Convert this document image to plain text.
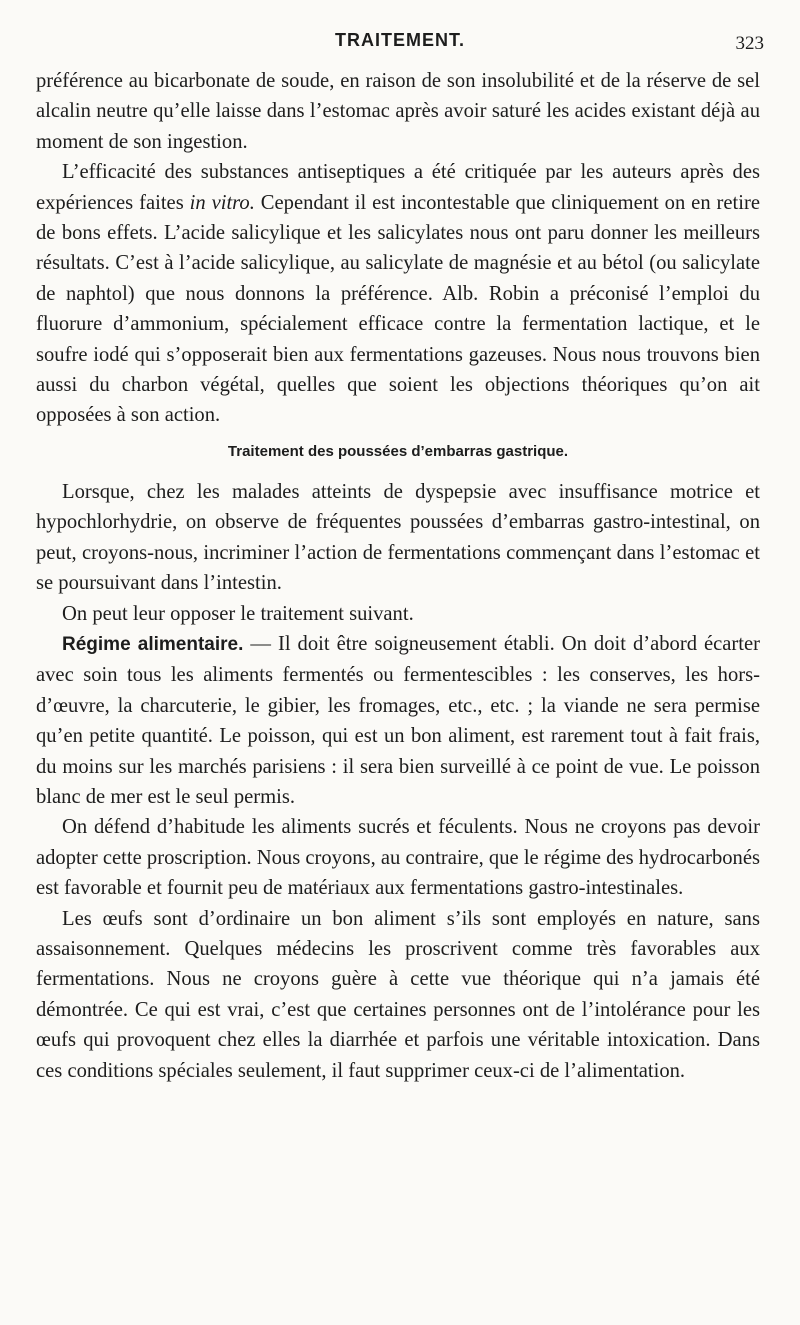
TRAITEMENT.	323

préférence au bicarbonate de soude, en raison de son insolubilité et de la réserve de sel alcalin neutre qu’elle laisse dans l’estomac après avoir saturé les acides existant déjà au moment de son ingestion.

L’efficacité des substances antiseptiques a été critiquée par les auteurs après des expériences faites in vitro. Cependant il est incontestable que cliniquement on en retire de bons effets. L’acide salicylique et les salicylates nous ont paru donner les meilleurs résultats. C’est à l’acide salicylique, au salicylate de magnésie et au bétol (ou salicylate de naphtol) que nous donnons la préférence. Alb. Robin a préconisé l’emploi du fluorure d’ammonium, spécialement efficace contre la fermentation lactique, et le soufre iodé qui s’opposerait bien aux fermentations gazeuses. Nous nous trouvons bien aussi du charbon végétal, quelles que soient les objections théoriques qu’on ait opposées à son action.

Traitement des poussées d’embarras gastrique.

Lorsque, chez les malades atteints de dyspepsie avec insuffisance motrice et hypochlorhydrie, on observe de fréquentes poussées d’embarras gastro-intestinal, on peut, croyons-nous, incriminer l’action de fermentations commençant dans l’estomac et se poursuivant dans l’intestin.

On peut leur opposer le traitement suivant.

Régime alimentaire. — Il doit être soigneusement établi. On doit d’abord écarter avec soin tous les aliments fermentés ou fermentescibles : les conserves, les hors-d’œuvre, la charcuterie, le gibier, les fromages, etc., etc. ; la viande ne sera permise qu’en petite quantité. Le poisson, qui est un bon aliment, est rarement tout à fait frais, du moins sur les marchés parisiens : il sera bien surveillé à ce point de vue. Le poisson blanc de mer est le seul permis.

On défend d’habitude les aliments sucrés et féculents. Nous ne croyons pas devoir adopter cette proscription. Nous croyons, au contraire, que le régime des hydrocarbonés est favorable et fournit peu de matériaux aux fermentations gastro-intestinales.

Les œufs sont d’ordinaire un bon aliment s’ils sont employés en nature, sans assaisonnement. Quelques médecins les proscrivent comme très favorables aux fermentations. Nous ne croyons guère à cette vue théorique qui n’a jamais été démontrée. Ce qui est vrai, c’est que certaines personnes ont de l’intolérance pour les œufs qui provoquent chez elles la diarrhée et parfois une véritable intoxication. Dans ces conditions spéciales seulement, il faut supprimer ceux-ci de l’alimentation.
